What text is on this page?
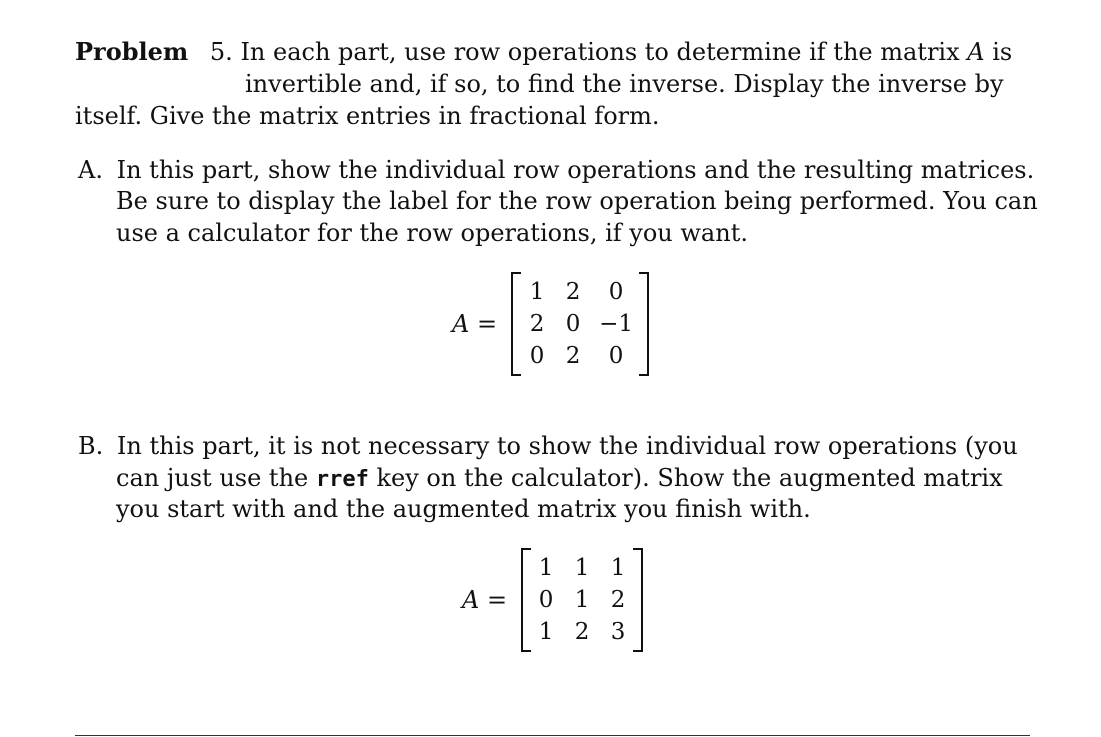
Problem 5. In each part, use row operations to determine if the matrix A is
invertible and, if so, to find the inverse. Display the inverse by
itself. Give the matrix entries in fractional form.
A. In this part, show the individual row operations and the resulting matrices.
Be sure to display the label for the row operation being performed. You can
use a calculator for the row operations, if you want.
A =
1 2	0
2 0 −1
0 2	0
B. In this part, it is not necessary to show the individual row operations (you
can just use the rref key on the calculator). Show the augmented matrix
you start with and the augmented matrix you finish with.
A =
1 1 1
0 1 2
1 2 3
